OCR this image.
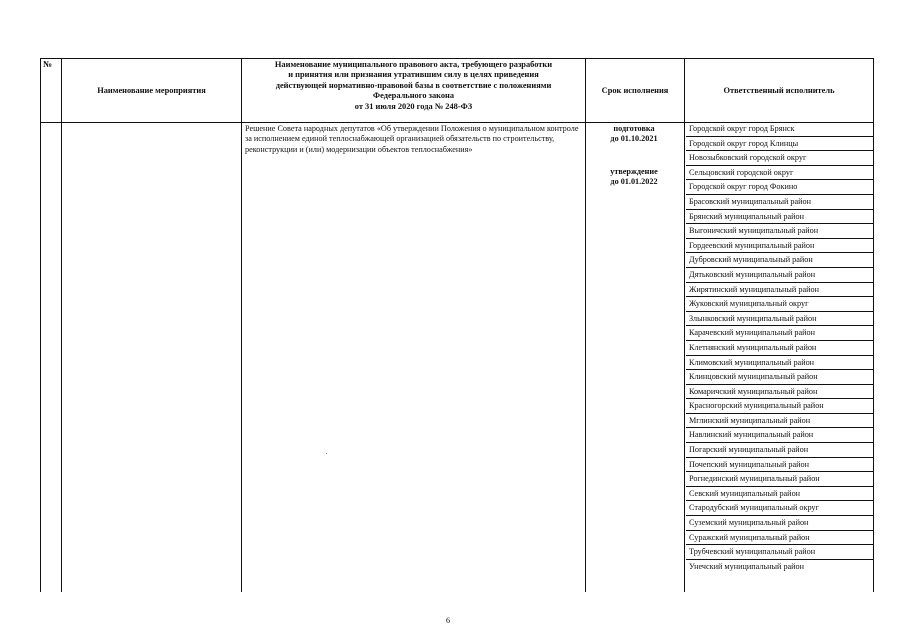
№
Наименование мероприятия
Наименование муниципального правового акта, требующего разработки
и принятия или признания утратившим силу в целях приведения
действующей нормативно-правовой базы в соответствие с положениями
Федерального закона
от 31 июля 2020 года № 248-ФЗ
Срок исполнения	Ответственный исполнитель
Решение Совета народных депутатов «Об утверждении Положения о муниципальном контроле за исполнением единой теплоснабжающей организацией обязательств по строительству, реконструкции и (или) модернизации объектов теплоснабжения»
подготовка
до 01.10.2021
утверждение
до 01.01.2022
Городской округ город Брянск
Городской округ город Клинцы
Новозыбковский городской округ
Сельцовский городской округ
Городской округ город Фокино
Брасовский муниципальный район
Брянский муниципальный район
Выгоничский муниципальный район
Гордеевский муниципальный район
Дубровский муниципальный район
Дятьковский муниципальный район
Жирятинский муниципальный район
Жуковский муниципальный округ
Злынковский муниципальный район
Карачевский муниципальный район
Клетнянский муниципальный район
Климовский муниципальный район
Клинцовский муниципальный район
Комаричский муниципальный район
Красногорский муниципальный район
Мглинский муниципальный район
Навлинский муниципальный район
Погарский муниципальный район
Почепский муниципальный район
Рогнединский муниципальный район
Севский муниципальный район
Стародубский муниципальный округ
Суземский муниципальный район
Суражский муниципальный район
Трубчевский муниципальный район
Унечский муниципальный район
6
